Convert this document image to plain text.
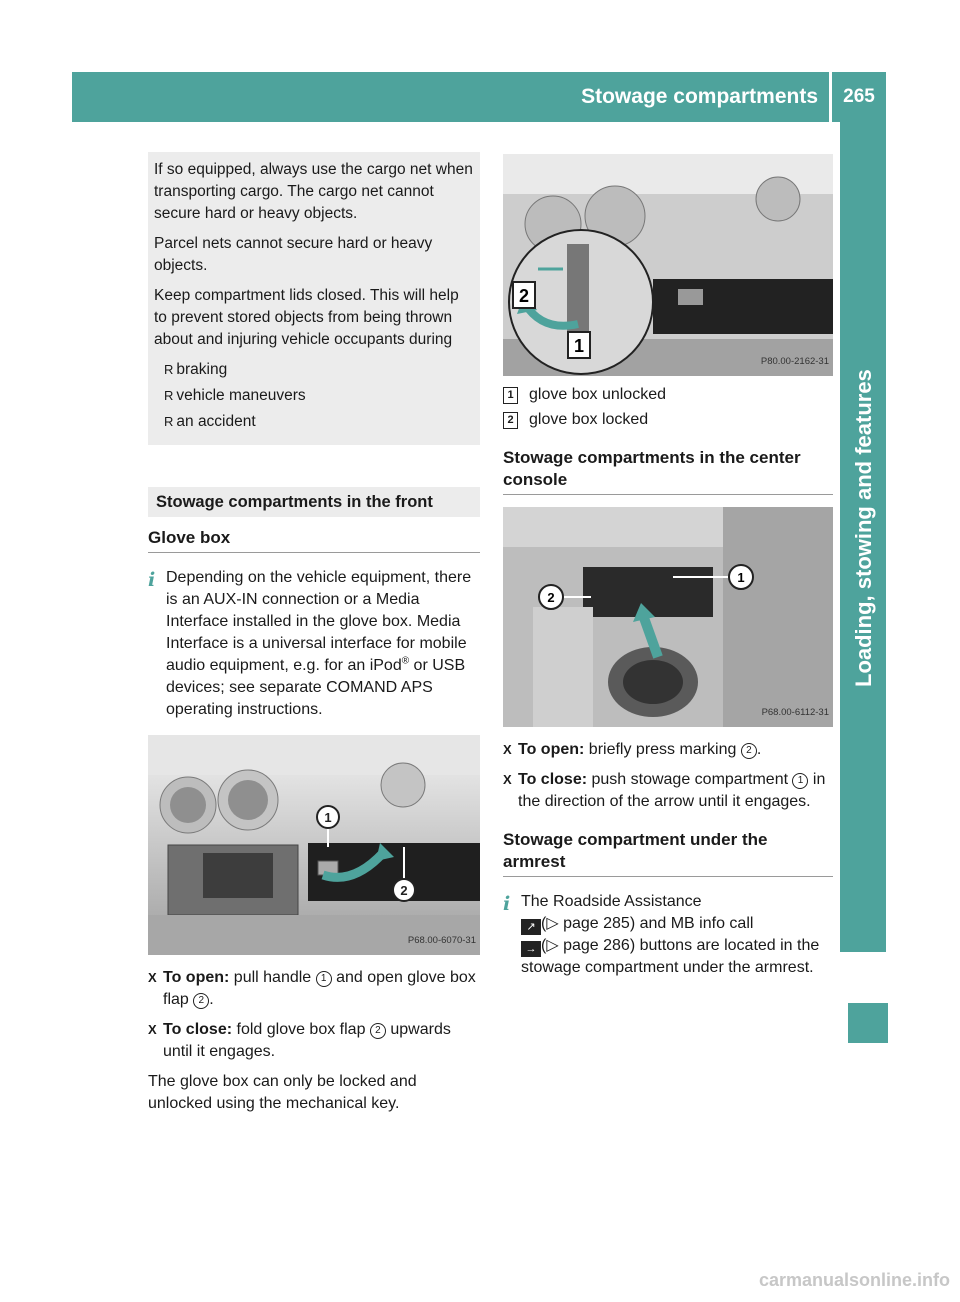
Stowage compartments	265
Loading, stowing and features

If so equipped, always use the cargo net when transporting cargo. The cargo net cannot secure hard or heavy objects.

Parcel nets cannot secure hard or heavy objects.

Keep compartment lids closed. This will help to prevent stored objects from being thrown about and injuring vehicle occupants during

R braking
R vehicle maneuvers
R an accident
Stowage compartments in the front
Glove box
i Depending on the vehicle equipment, there is an AUX-IN connection or a Media Interface installed in the glove box. Media Interface is a universal interface for mobile audio equipment, e.g. for an iPod® or USB devices; see separate COMAND APS operating instructions.
1
2
P68.00-6070-31
X To open: pull handle 1 and open glove box flap 2 .
X To close: fold glove box flap 2 upwards until it engages.
The glove box can only be locked and unlocked using the mechanical key.
2
1
P80.00-2162-31
1 glove box unlocked
2 glove box locked
Stowage compartments in the center console
1
2
P68.00-6112-31
X To open: briefly press marking 2 .
X To close: push stowage compartment 1 in the direction of the arrow until it engages.
Stowage compartment under the armrest
i The Roadside Assistance
↗ (▷ page 285) and MB info call
→ (▷ page 286) buttons are located in the stowage compartment under the armrest.
carmanualsonline.info
